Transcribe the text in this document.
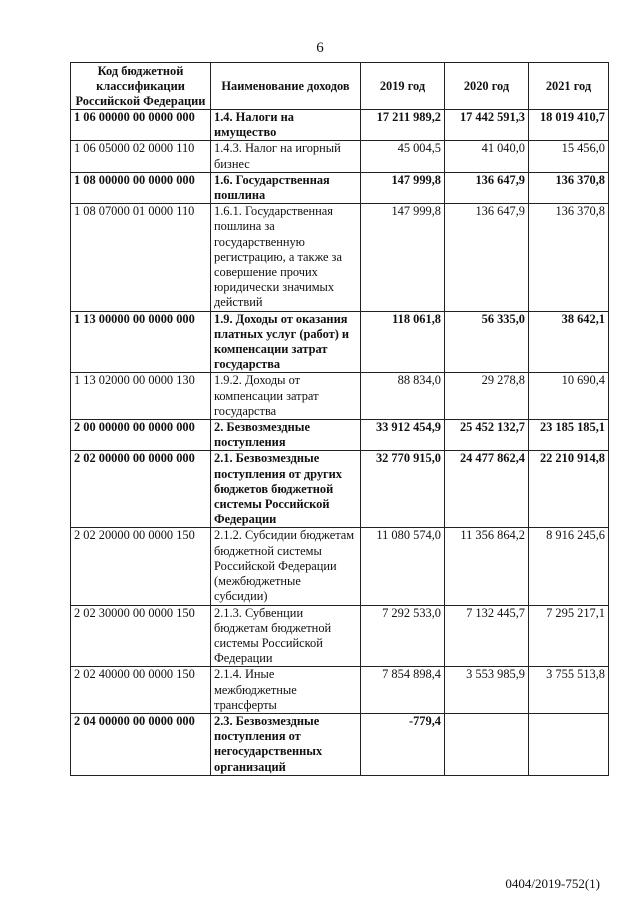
6
Код бюджетной классификации Российской Федерации	Наименование доходов	2019 год	2020 год	2021 год
1 06 00000 00 0000 000	1.4. Налоги на имущество	17 211 989,2	17 442 591,3	18 019 410,7
1 06 05000 02 0000 110	1.4.3. Налог на игорный бизнес	45 004,5	41 040,0	15 456,0
1 08 00000 00 0000 000	1.6. Государственная пошлина	147 999,8	136 647,9	136 370,8
1 08 07000 01 0000 110	1.6.1. Государственная пошлина за государственную регистрацию, а также за совершение прочих юридически значимых действий	147 999,8	136 647,9	136 370,8
1 13 00000 00 0000 000	1.9. Доходы от оказания платных услуг (работ) и компенсации затрат государства	118 061,8	56 335,0	38 642,1
1 13 02000 00 0000 130	1.9.2. Доходы от компенсации затрат государства	88 834,0	29 278,8	10 690,4
2 00 00000 00 0000 000	2. Безвозмездные поступления	33 912 454,9	25 452 132,7	23 185 185,1
2 02 00000 00 0000 000	2.1. Безвозмездные поступления от других бюджетов бюджетной системы Российской Федерации	32 770 915,0	24 477 862,4	22 210 914,8
2 02 20000 00 0000 150	2.1.2. Субсидии бюджетам бюджетной системы Российской Федерации (межбюджетные субсидии)	11 080 574,0	11 356 864,2	8 916 245,6
2 02 30000 00 0000 150	2.1.3. Субвенции бюджетам бюджетной системы Российской Федерации	7 292 533,0	7 132 445,7	7 295 217,1
2 02 40000 00 0000 150	2.1.4. Иные межбюджетные трансферты	7 854 898,4	3 553 985,9	3 755 513,8
2 04 00000 00 0000 000	2.3. Безвозмездные поступления от негосударственных организаций	-779,4		
0404/2019-752(1)
